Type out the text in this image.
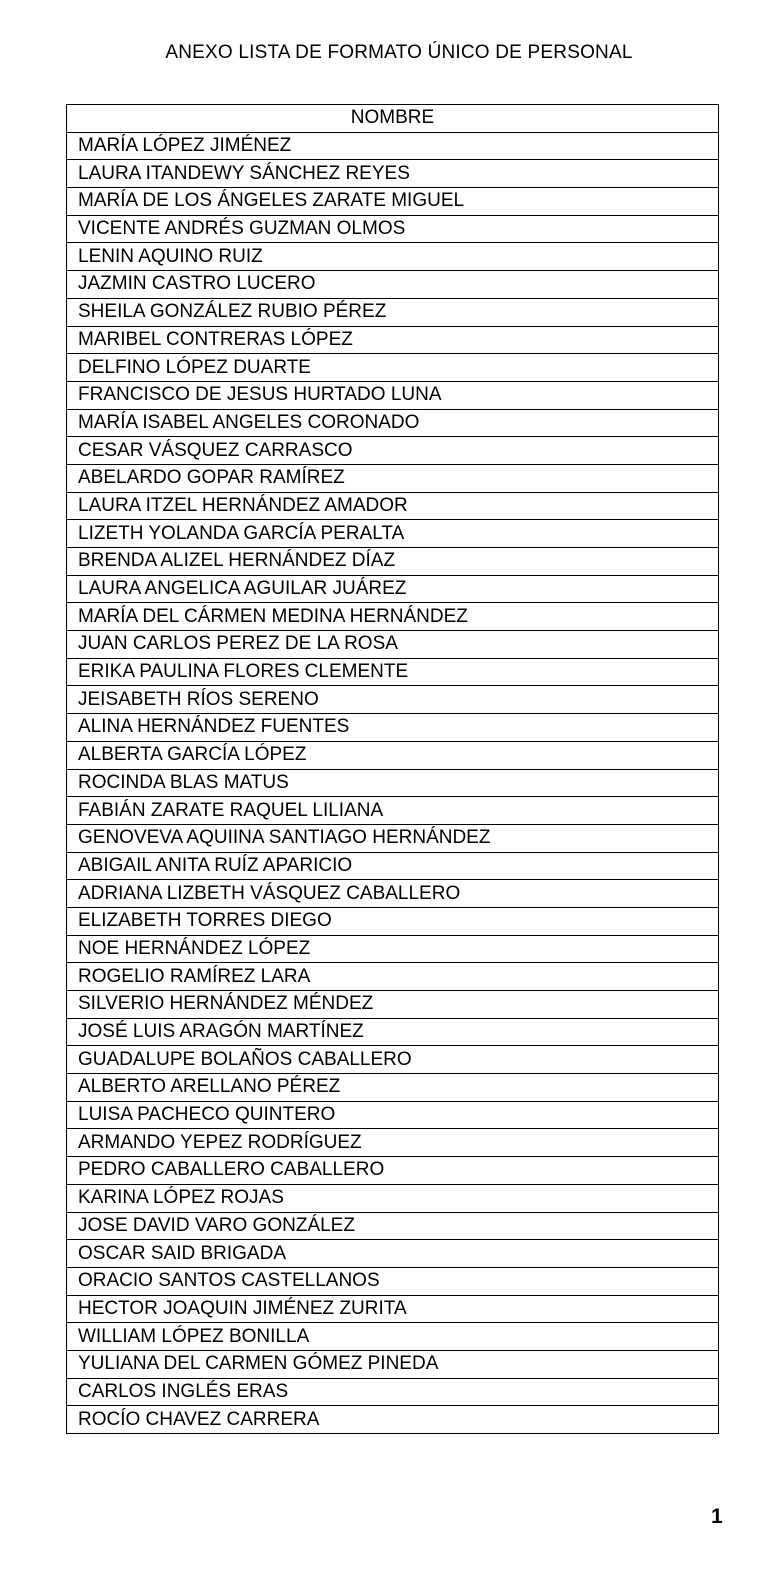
ANEXO LISTA DE FORMATO ÚNICO DE PERSONAL
NOMBRE
MARÍA LÓPEZ JIMÉNEZ
LAURA ITANDEWY SÁNCHEZ REYES
MARÍA DE LOS ÁNGELES ZARATE MIGUEL
VICENTE ANDRÉS GUZMAN OLMOS
LENIN AQUINO RUIZ
JAZMIN CASTRO LUCERO
SHEILA GONZÁLEZ RUBIO PÉREZ
MARIBEL CONTRERAS LÓPEZ
DELFINO LÓPEZ DUARTE
FRANCISCO DE JESUS HURTADO LUNA
MARÍA ISABEL ANGELES CORONADO
CESAR VÁSQUEZ CARRASCO
ABELARDO GOPAR RAMÍREZ
LAURA ITZEL HERNÁNDEZ AMADOR
LIZETH YOLANDA GARCÍA PERALTA
BRENDA ALIZEL HERNÁNDEZ DÍAZ
LAURA ANGELICA AGUILAR JUÁREZ
MARÍA DEL CÁRMEN MEDINA HERNÁNDEZ
JUAN CARLOS PEREZ DE LA ROSA
ERIKA PAULINA FLORES CLEMENTE
JEISABETH RÍOS SERENO
ALINA HERNÁNDEZ FUENTES
ALBERTA GARCÍA LÓPEZ
ROCINDA BLAS MATUS
FABIÁN ZARATE RAQUEL LILIANA
GENOVEVA AQUIINA SANTIAGO HERNÁNDEZ
ABIGAIL ANITA RUÍZ APARICIO
ADRIANA LIZBETH VÁSQUEZ CABALLERO
ELIZABETH TORRES DIEGO
NOE HERNÁNDEZ LÓPEZ
ROGELIO RAMÍREZ LARA
SILVERIO HERNÁNDEZ MÉNDEZ
JOSÉ LUIS ARAGÓN MARTÍNEZ
GUADALUPE BOLAÑOS CABALLERO
ALBERTO ARELLANO PÉREZ
LUISA PACHECO QUINTERO
ARMANDO YEPEZ RODRÍGUEZ
PEDRO CABALLERO CABALLERO
KARINA LÓPEZ ROJAS
JOSE DAVID VARO GONZÁLEZ
OSCAR SAID BRIGADA
ORACIO SANTOS CASTELLANOS
HECTOR JOAQUIN JIMÉNEZ ZURITA
WILLIAM LÓPEZ BONILLA
YULIANA DEL CARMEN GÓMEZ PINEDA
CARLOS INGLÉS ERAS
ROCÍO CHAVEZ CARRERA
1
